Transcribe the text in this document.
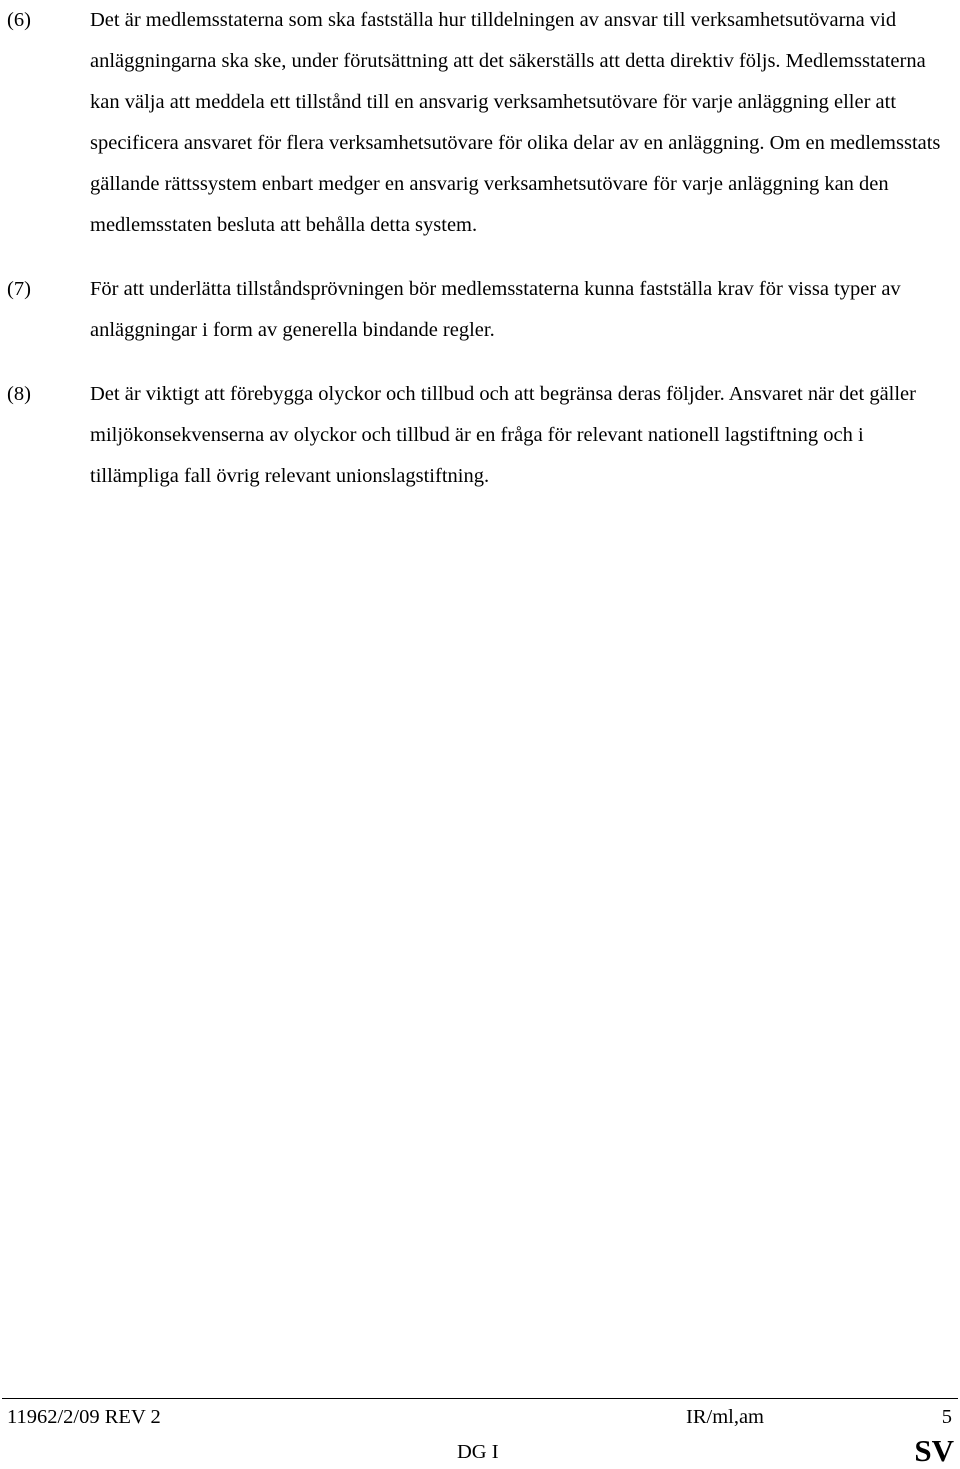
(6)	Det är medlemsstaterna som ska fastställa hur tilldelningen av ansvar till verksamhetsutövarna vid anläggningarna ska ske, under förutsättning att det säkerställs att detta direktiv följs. Medlemsstaterna kan välja att meddela ett tillstånd till en ansvarig verksamhetsutövare för varje anläggning eller att specificera ansvaret för flera verksamhetsutövare för olika delar av en anläggning. Om en medlemsstats gällande rättssystem enbart medger en ansvarig verksamhetsutövare för varje anläggning kan den medlemsstaten besluta att behålla detta system.
(7)	För att underlätta tillståndsprövningen bör medlemsstaterna kunna fastställa krav för vissa typer av anläggningar i form av generella bindande regler.
(8)	Det är viktigt att förebygga olyckor och tillbud och att begränsa deras följder. Ansvaret när det gäller miljökonsekvenserna av olyckor och tillbud är en fråga för relevant nationell lagstiftning och i tillämpliga fall övrig relevant unionslagstiftning.
11962/2/09 REV 2	IR/ml,am	5
DG I	SV
